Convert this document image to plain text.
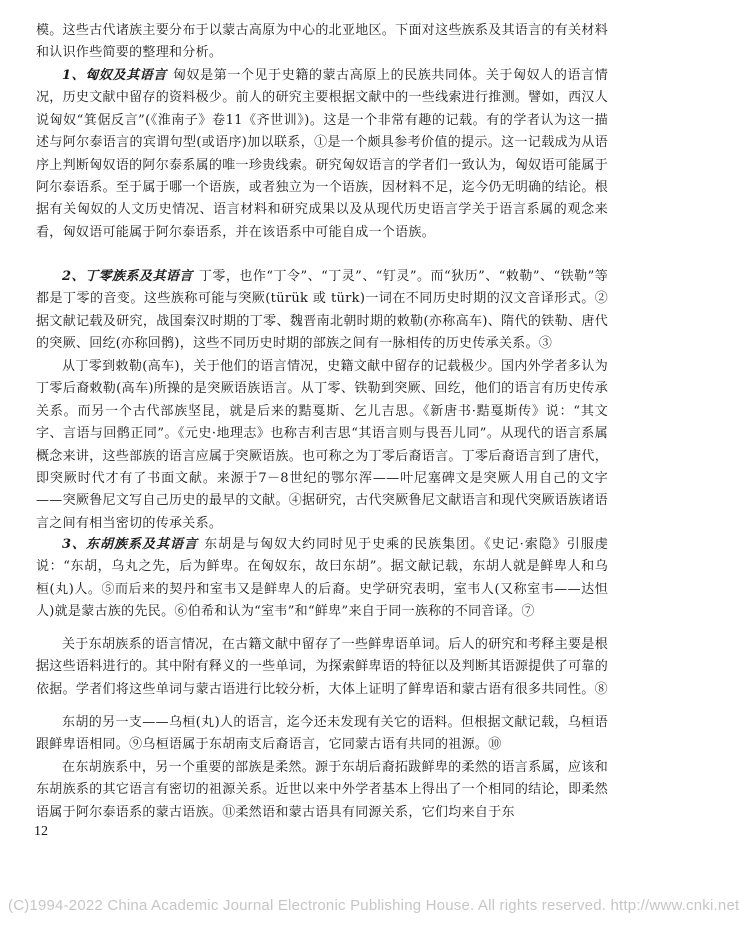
模。这些古代诸族主要分布于以蒙古高原为中心的北亚地区。下面对这些族系及其语言的有关材料和认识作些简要的整理和分析。

1、匈奴及其语言 匈奴是第一个见于史籍的蒙古高原上的民族共同体。关于匈奴人的语言情况，历史文献中留存的资料极少。前人的研究主要根据文献中的一些线索进行推测。譬如，西汉人说匈奴“箕倨反言”(《淮南子》卷11《齐世训》)。这是一个非常有趣的记载。有的学者认为这一描述与阿尔泰语言的宾谓句型(或语序)加以联系，①是一个颇具参考价值的提示。这一记载成为从语序上判断匈奴语的阿尔泰系属的唯一珍贵线索。研究匈奴语言的学者们一致认为，匈奴语可能属于阿尔泰语系。至于属于哪一个语族，或者独立为一个语族，因材料不足，迄今仍无明确的结论。根据有关匈奴的人文历史情况、语言材料和研究成果以及从现代历史语言学关于语言系属的观念来看，匈奴语可能属于阿尔泰语系，并在该语系中可能自成一个语族。

2、丁零族系及其语言 丁零，也作“丁令”、“丁灵”、“钉灵”。而“狄历”、“敕勒”、“铁勒”等都是丁零的音变。这些族称可能与突厥(türük 或 türk)一词在不同历史时期的汉文音译形式。②据文献记载及研究，战国秦汉时期的丁零、魏晋南北朝时期的敕勒(亦称高车)、隋代的铁勒、唐代的突厥、回纥(亦称回鹘)，这些不同历史时期的部族之间有一脉相传的历史传承关系。③

从丁零到敕勒(高车)，关于他们的语言情况，史籍文献中留存的记载极少。国内外学者多认为丁零后裔敕勒(高车)所操的是突厥语族语言。从丁零、铁勒到突厥、回纥，他们的语言有历史传承关系。而另一个古代部族坚昆，就是后来的黠戛斯、乞儿吉思。《新唐书·黠戛斯传》说：“其文字、言语与回鹘正同”。《元史·地理志》也称吉利吉思“其语言则与畏吾儿同”。从现代的语言系属概念来讲，这些部族的语言应属于突厥语族。也可称之为丁零后裔语言。丁零后裔语言到了唐代，即突厥时代才有了书面文献。来源于7－8世纪的鄂尔浑——叶尼塞碑文是突厥人用自己的文字——突厥鲁尼文写自己历史的最早的文献。④据研究，古代突厥鲁尼文献语言和现代突厥语族诸语言之间有相当密切的传承关系。

3、东胡族系及其语言 东胡是与匈奴大约同时见于史乘的民族集团。《史记·索隐》引服虔说：“东胡，乌丸之先，后为鲜卑。在匈奴东，故曰东胡”。据文献记载，东胡人就是鲜卑人和乌桓(丸)人。⑤而后来的契丹和室韦又是鲜卑人的后裔。史学研究表明，室韦人(又称室韦——达怛人)就是蒙古族的先民。⑥伯希和认为“室韦”和“鲜卑”来自于同一族称的不同音译。⑦

关于东胡族系的语言情况，在古籍文献中留存了一些鲜卑语单词。后人的研究和考释主要是根据这些语料进行的。其中附有释义的一些单词，为探索鲜卑语的特征以及判断其语源提供了可靠的依据。学者们将这些单词与蒙古语进行比较分析，大体上证明了鲜卑语和蒙古语有很多共同性。⑧

东胡的另一支——乌桓(丸)人的语言，迄今还未发现有关它的语料。但根据文献记载，乌桓语跟鲜卑语相同。⑨乌桓语属于东胡南支后裔语言，它同蒙古语有共同的祖源。⑩

在东胡族系中，另一个重要的部族是柔然。源于东胡后裔拓跋鲜卑的柔然的语言系属，应该和东胡族系的其它语言有密切的祖源关系。近世以来中外学者基本上得出了一个相同的结论，即柔然语属于阿尔泰语系的蒙古语族。⑪柔然语和蒙古语具有同源关系，它们均来自于东

12
(C)1994-2022 China Academic Journal Electronic Publishing House. All rights reserved. http://www.cnki.net
